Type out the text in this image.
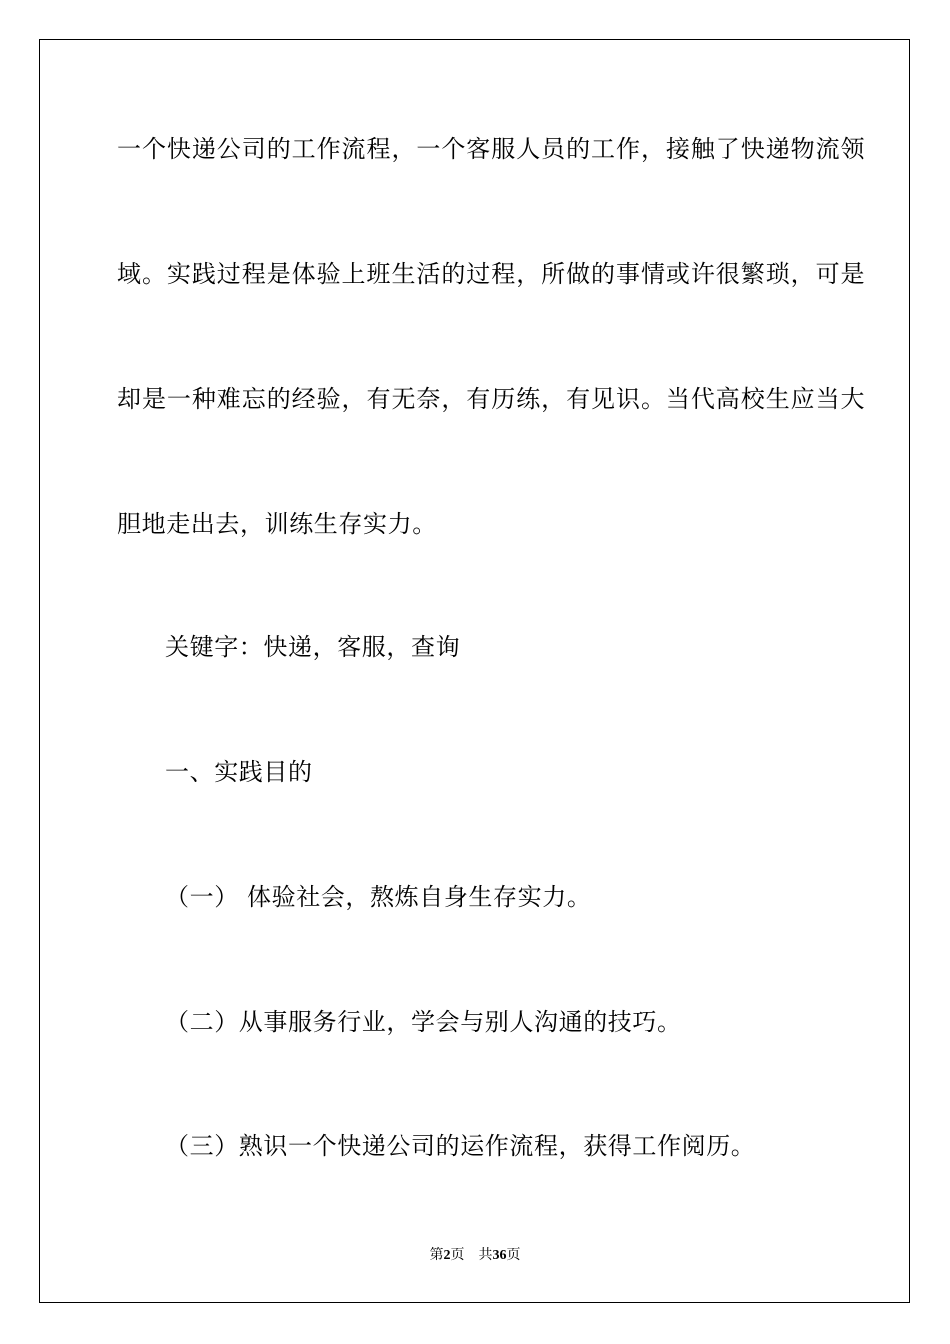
一个快递公司的工作流程，一个客服人员的工作，接触了快递物流领
域。实践过程是体验上班生活的过程，所做的事情或许很繁琐，可是
却是一种难忘的经验，有无奈，有历练，有见识。当代高校生应当大
胆地走出去，训练生存实力。
关键字：快递，客服，查询
一、实践目的
（一） 体验社会，熬炼自身生存实力。
（二）从事服务行业，学会与别人沟通的技巧。
（三）熟识一个快递公司的运作流程，获得工作阅历。
第2页 共36页
